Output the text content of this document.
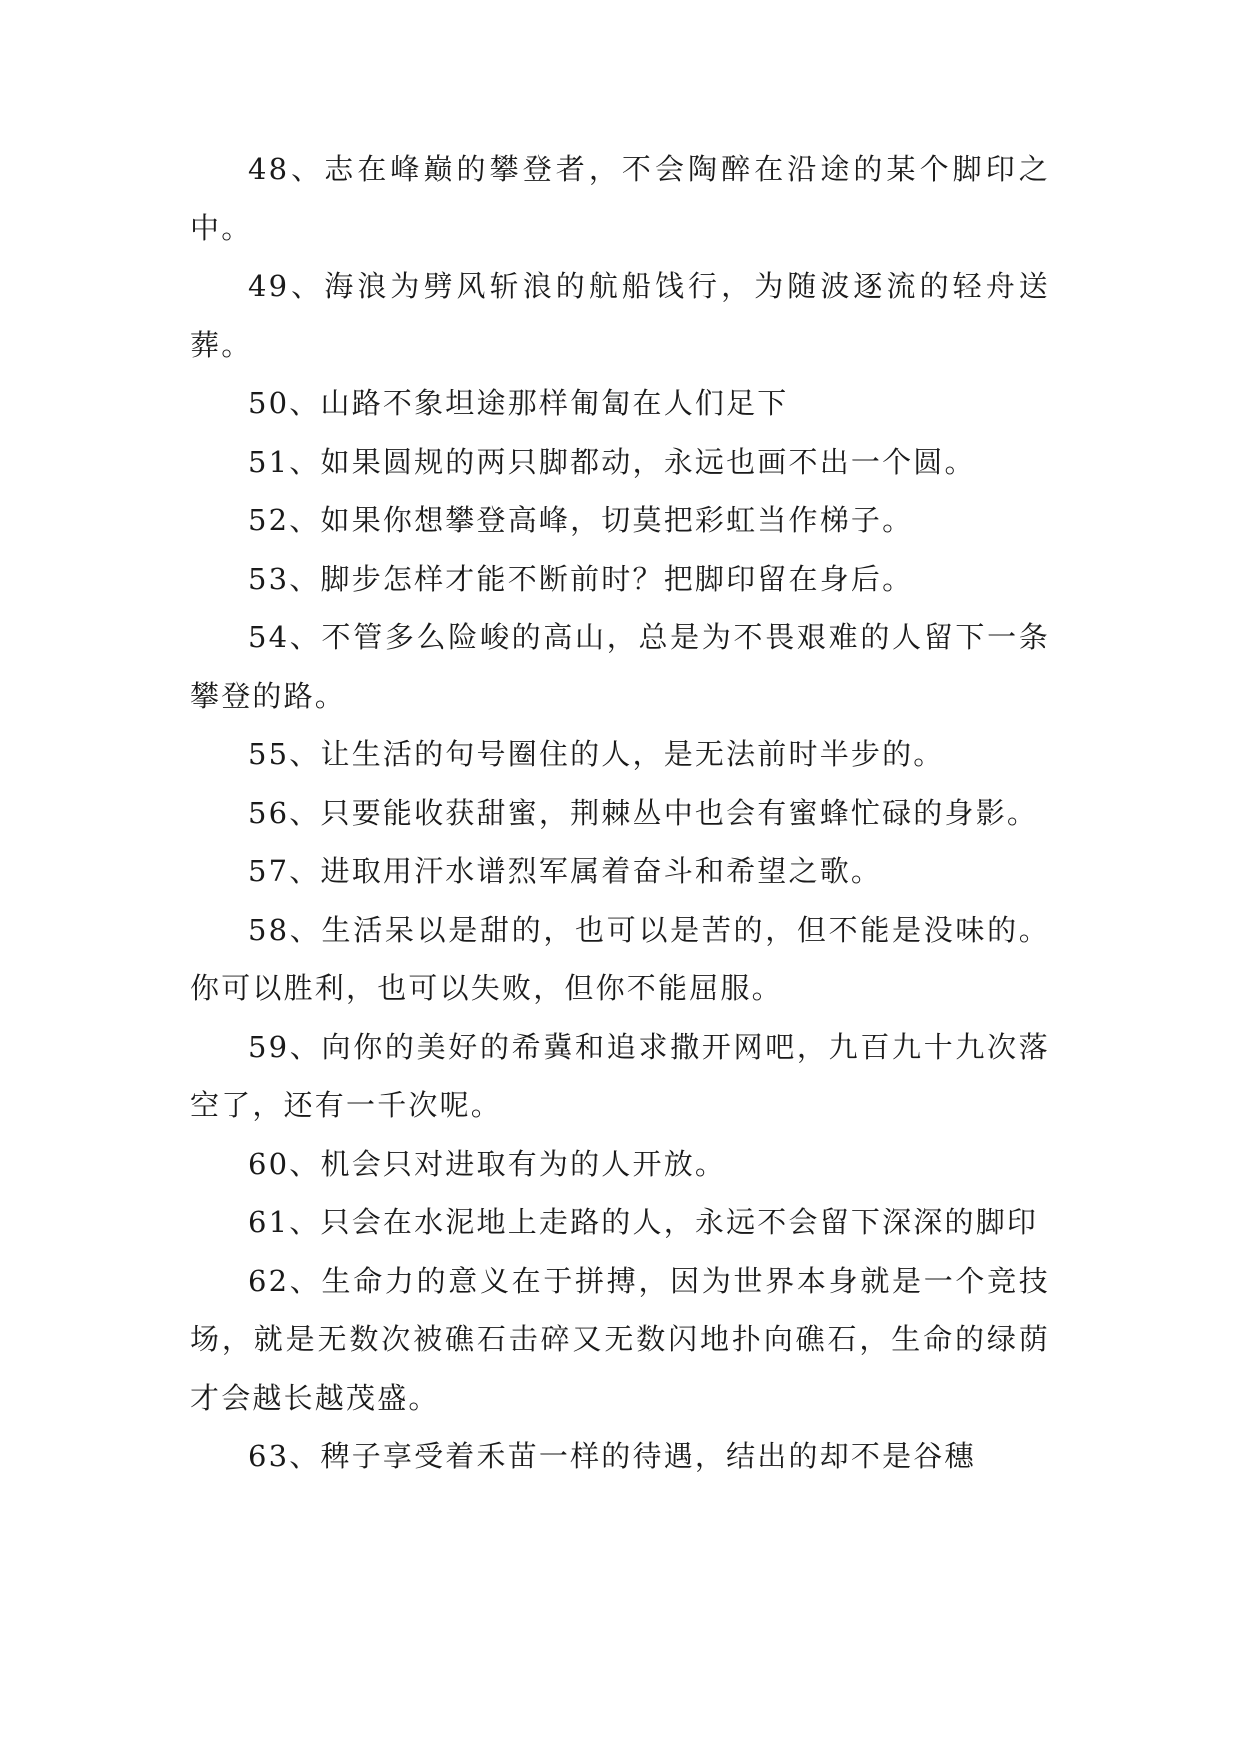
48、志在峰巅的攀登者，不会陶醉在沿途的某个脚印之中。

49、海浪为劈风斩浪的航船饯行，为随波逐流的轻舟送葬。

50、山路不象坦途那样匍匐在人们足下

51、如果圆规的两只脚都动，永远也画不出一个圆。

52、如果你想攀登高峰，切莫把彩虹当作梯子。

53、脚步怎样才能不断前时？把脚印留在身后。

54、不管多么险峻的高山，总是为不畏艰难的人留下一条攀登的路。

55、让生活的句号圈住的人，是无法前时半步的。

56、只要能收获甜蜜，荆棘丛中也会有蜜蜂忙碌的身影。

57、进取用汗水谱烈军属着奋斗和希望之歌。

58、生活呆以是甜的，也可以是苦的，但不能是没味的。你可以胜利，也可以失败，但你不能屈服。

59、向你的美好的希冀和追求撒开网吧，九百九十九次落空了，还有一千次呢。

60、机会只对进取有为的人开放。

61、只会在水泥地上走路的人，永远不会留下深深的脚印

62、生命力的意义在于拼搏，因为世界本身就是一个竞技场，就是无数次被礁石击碎又无数闪地扑向礁石，生命的绿荫才会越长越茂盛。

63、稗子享受着禾苗一样的待遇，结出的却不是谷穗
